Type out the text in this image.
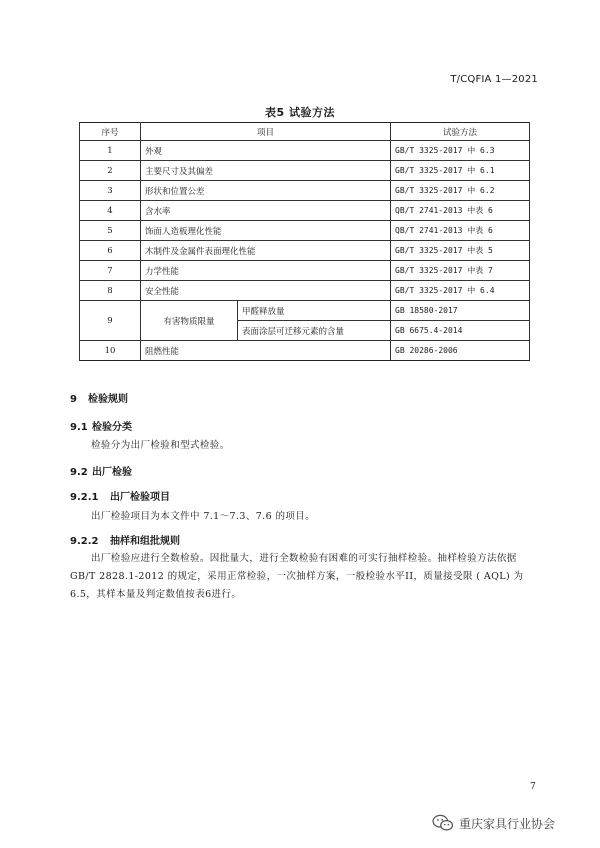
T/CQFIA 1—2021
表5 试验方法
序号	项目		试验方法
1	外观		GB/T 3325-2017 中 6.3
2	主要尺寸及其偏差		GB/T 3325-2017 中 6.1
3	形状和位置公差		GB/T 3325-2017 中 6.2
4	含水率		QB/T 2741-2013 中表 6
5	饰面人造板理化性能		QB/T 2741-2013 中表 6
6	木制件及金属件表面理化性能		GB/T 3325-2017 中表 5
7	力学性能		GB/T 3325-2017 中表 7
8	安全性能		GB/T 3325-2017 中 6.4
9	有害物质限量	甲醛释放量	GB 18580-2017
		表面涂层可迁移元素的含量	GB 6675.4-2014
10	阻燃性能		GB 20286-2006
9 检验规则
9.1 检验分类
检验分为出厂检验和型式检验。
9.2 出厂检验
9.2.1 出厂检验项目
出厂检验项目为本文件中 7.1～7.3、7.6 的项目。
9.2.2 抽样和组批规则
出厂检验应进行全数检验。因批量大，进行全数检验有困难的可实行抽样检验。抽样检验方法依据GB/T 2828.1-2012 的规定，采用正常检验，一次抽样方案，一般检验水平II，质量接受限 ( AQL) 为 6.5，其样本量及判定数值按表6进行。
7
重庆家具行业协会
